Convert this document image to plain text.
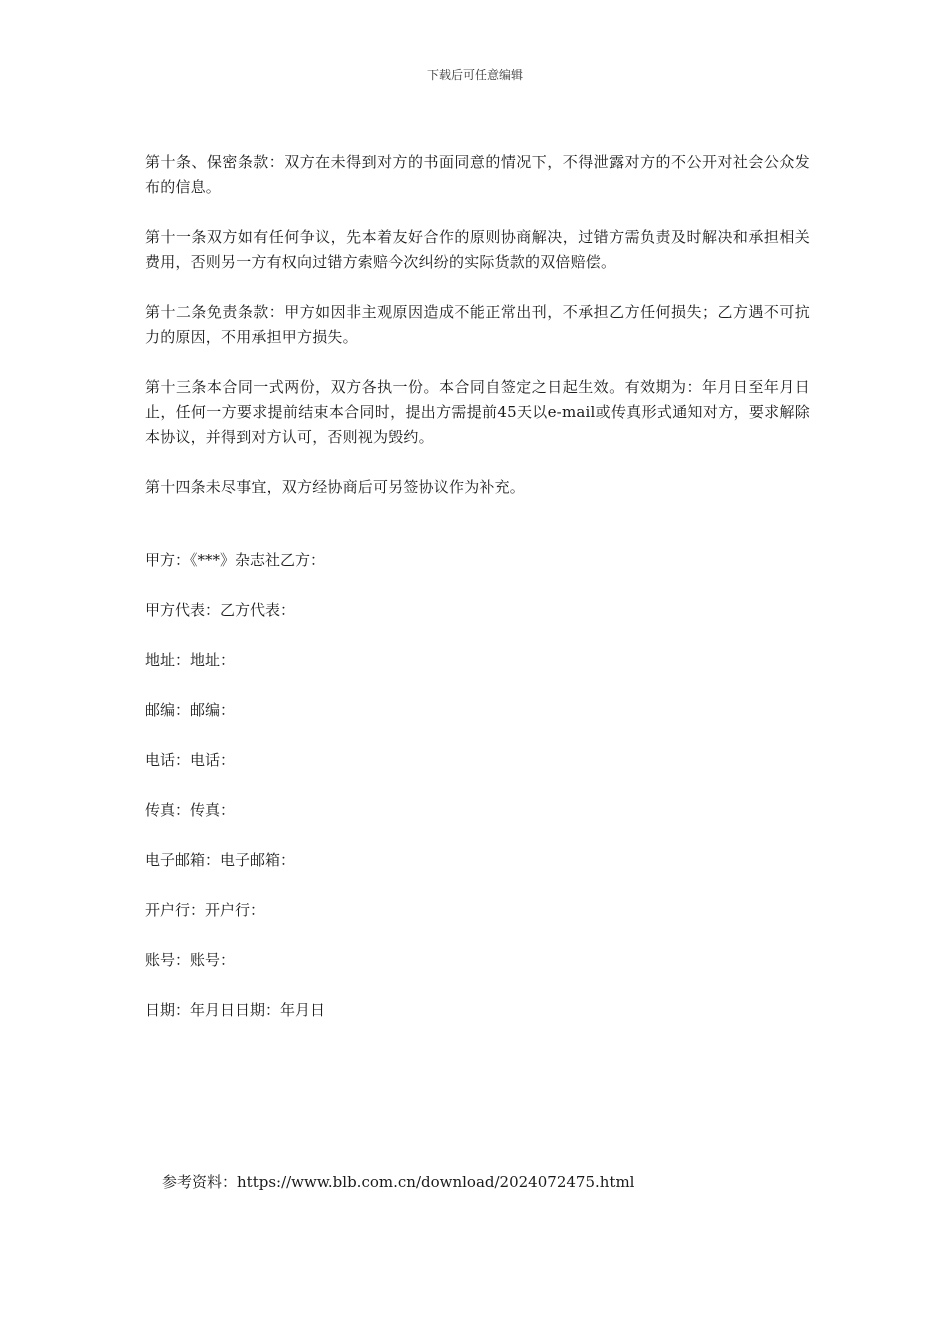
下载后可任意编辑

第十条、保密条款：双方在未得到对方的书面同意的情况下，不得泄露对方的不公开对社会公众发布的信息。

第十一条双方如有任何争议，先本着友好合作的原则协商解决，过错方需负责及时解决和承担相关费用，否则另一方有权向过错方索赔今次纠纷的实际货款的双倍赔偿。

第十二条免责条款：甲方如因非主观原因造成不能正常出刊，不承担乙方任何损失；乙方遇不可抗力的原因，不用承担甲方损失。

第十三条本合同一式两份，双方各执一份。本合同自签定之日起生效。有效期为：年月日至年月日止，任何一方要求提前结束本合同时，提出方需提前45天以e-mail或传真形式通知对方，要求解除本协议，并得到对方认可，否则视为毁约。

第十四条未尽事宜，双方经协商后可另签协议作为补充。

甲方：《***》杂志社乙方：
甲方代表：乙方代表：
地址：地址：
邮编：邮编：
电话：电话：
传真：传真：
电子邮箱：电子邮箱：
开户行：开户行：
账号：账号：
日期：年月日日期：年月日
参考资料：https://www.blb.com.cn/download/2024072475.html
